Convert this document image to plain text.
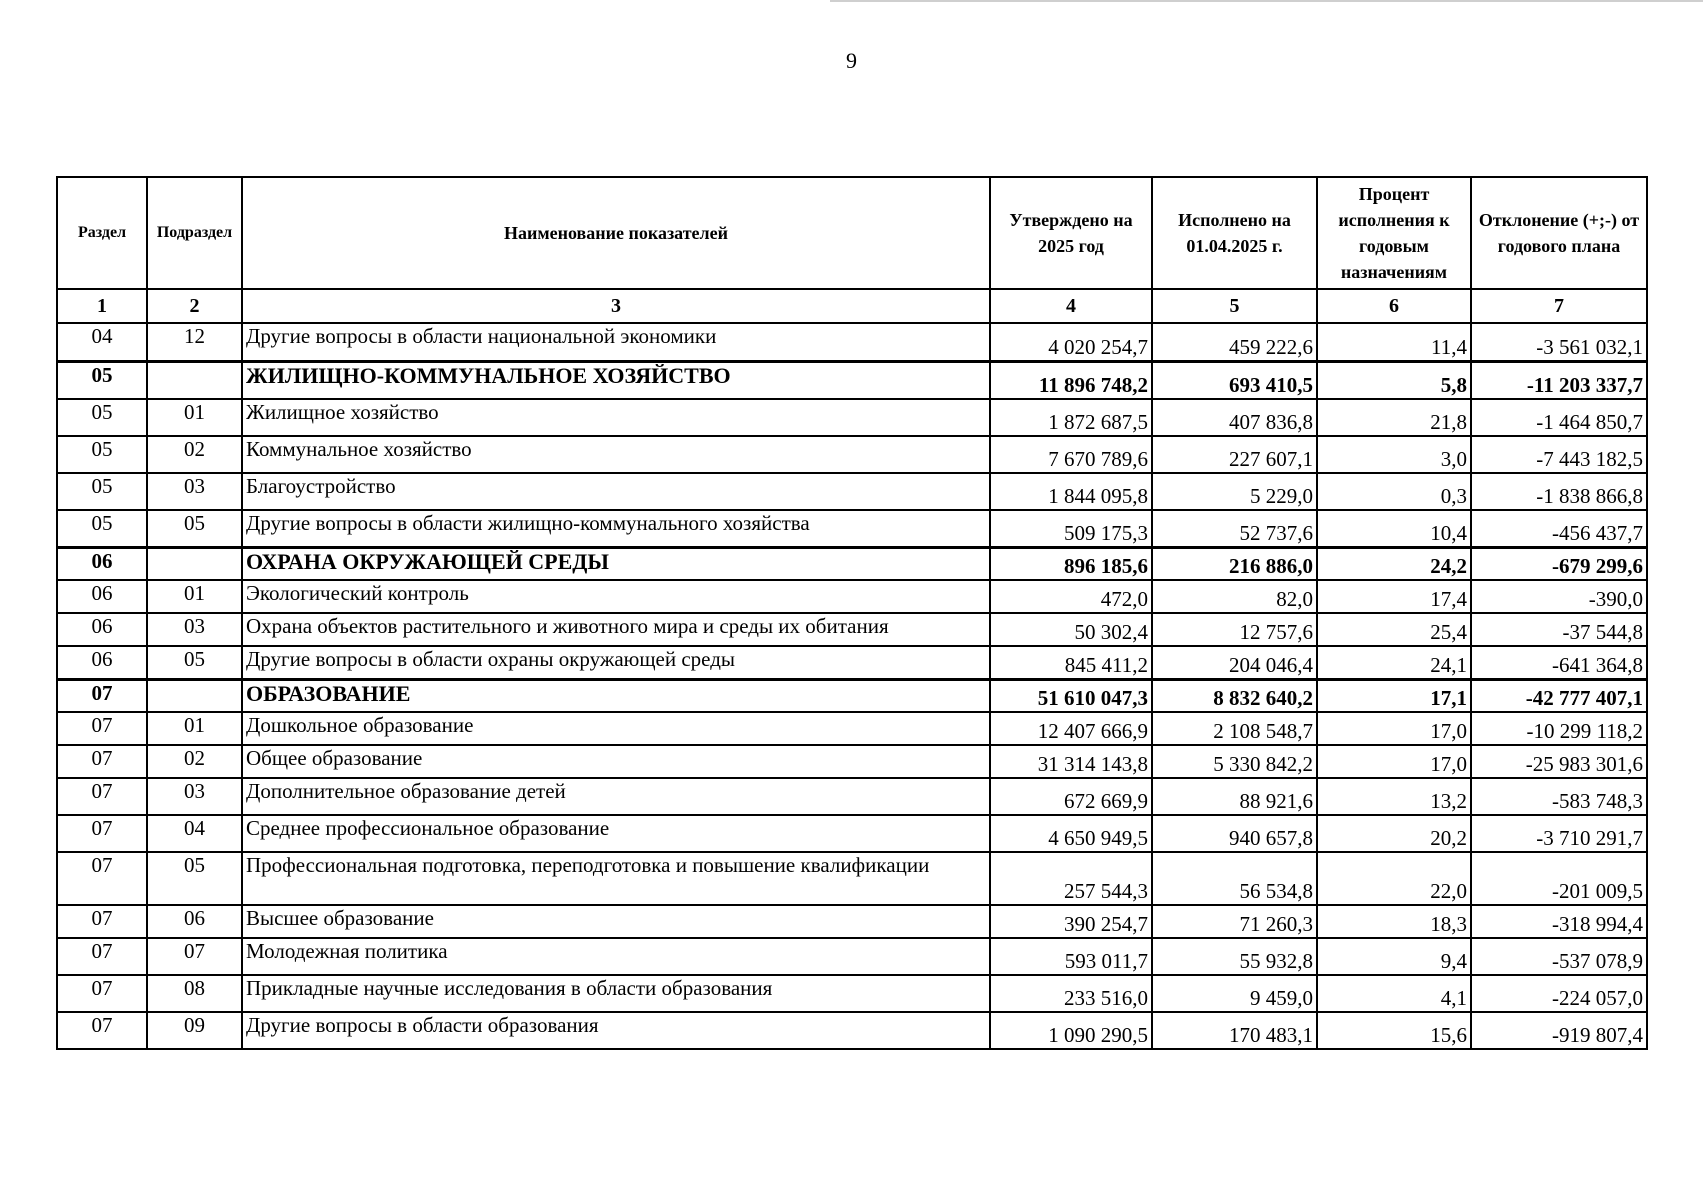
9
Раздел	Подраздел	Наименование показателей	Утверждено на 2025 год	Исполнено на 01.04.2025 г.	Процент исполнения к годовым назначениям	Отклонение (+;-) от годового плана
1	2	3	4	5	6	7
04	12	Другие вопросы в области национальной экономики	4 020 254,7	459 222,6	11,4	-3 561 032,1
05		ЖИЛИЩНО-КОММУНАЛЬНОЕ ХОЗЯЙСТВО	11 896 748,2	693 410,5	5,8	-11 203 337,7
05	01	Жилищное хозяйство	1 872 687,5	407 836,8	21,8	-1 464 850,7
05	02	Коммунальное хозяйство	7 670 789,6	227 607,1	3,0	-7 443 182,5
05	03	Благоустройство	1 844 095,8	5 229,0	0,3	-1 838 866,8
05	05	Другие вопросы в области жилищно-коммунального хозяйства	509 175,3	52 737,6	10,4	-456 437,7
06		ОХРАНА ОКРУЖАЮЩЕЙ СРЕДЫ	896 185,6	216 886,0	24,2	-679 299,6
06	01	Экологический контроль	472,0	82,0	17,4	-390,0
06	03	Охрана объектов растительного и животного мира и среды их обитания	50 302,4	12 757,6	25,4	-37 544,8
06	05	Другие вопросы в области охраны окружающей среды	845 411,2	204 046,4	24,1	-641 364,8
07		ОБРАЗОВАНИЕ	51 610 047,3	8 832 640,2	17,1	-42 777 407,1
07	01	Дошкольное образование	12 407 666,9	2 108 548,7	17,0	-10 299 118,2
07	02	Общее образование	31 314 143,8	5 330 842,2	17,0	-25 983 301,6
07	03	Дополнительное образование детей	672 669,9	88 921,6	13,2	-583 748,3
07	04	Среднее профессиональное образование	4 650 949,5	940 657,8	20,2	-3 710 291,7
07	05	Профессиональная подготовка, переподготовка и повышение квалификации	257 544,3	56 534,8	22,0	-201 009,5
07	06	Высшее образование	390 254,7	71 260,3	18,3	-318 994,4
07	07	Молодежная политика	593 011,7	55 932,8	9,4	-537 078,9
07	08	Прикладные научные исследования в области образования	233 516,0	9 459,0	4,1	-224 057,0
07	09	Другие вопросы в области образования	1 090 290,5	170 483,1	15,6	-919 807,4
